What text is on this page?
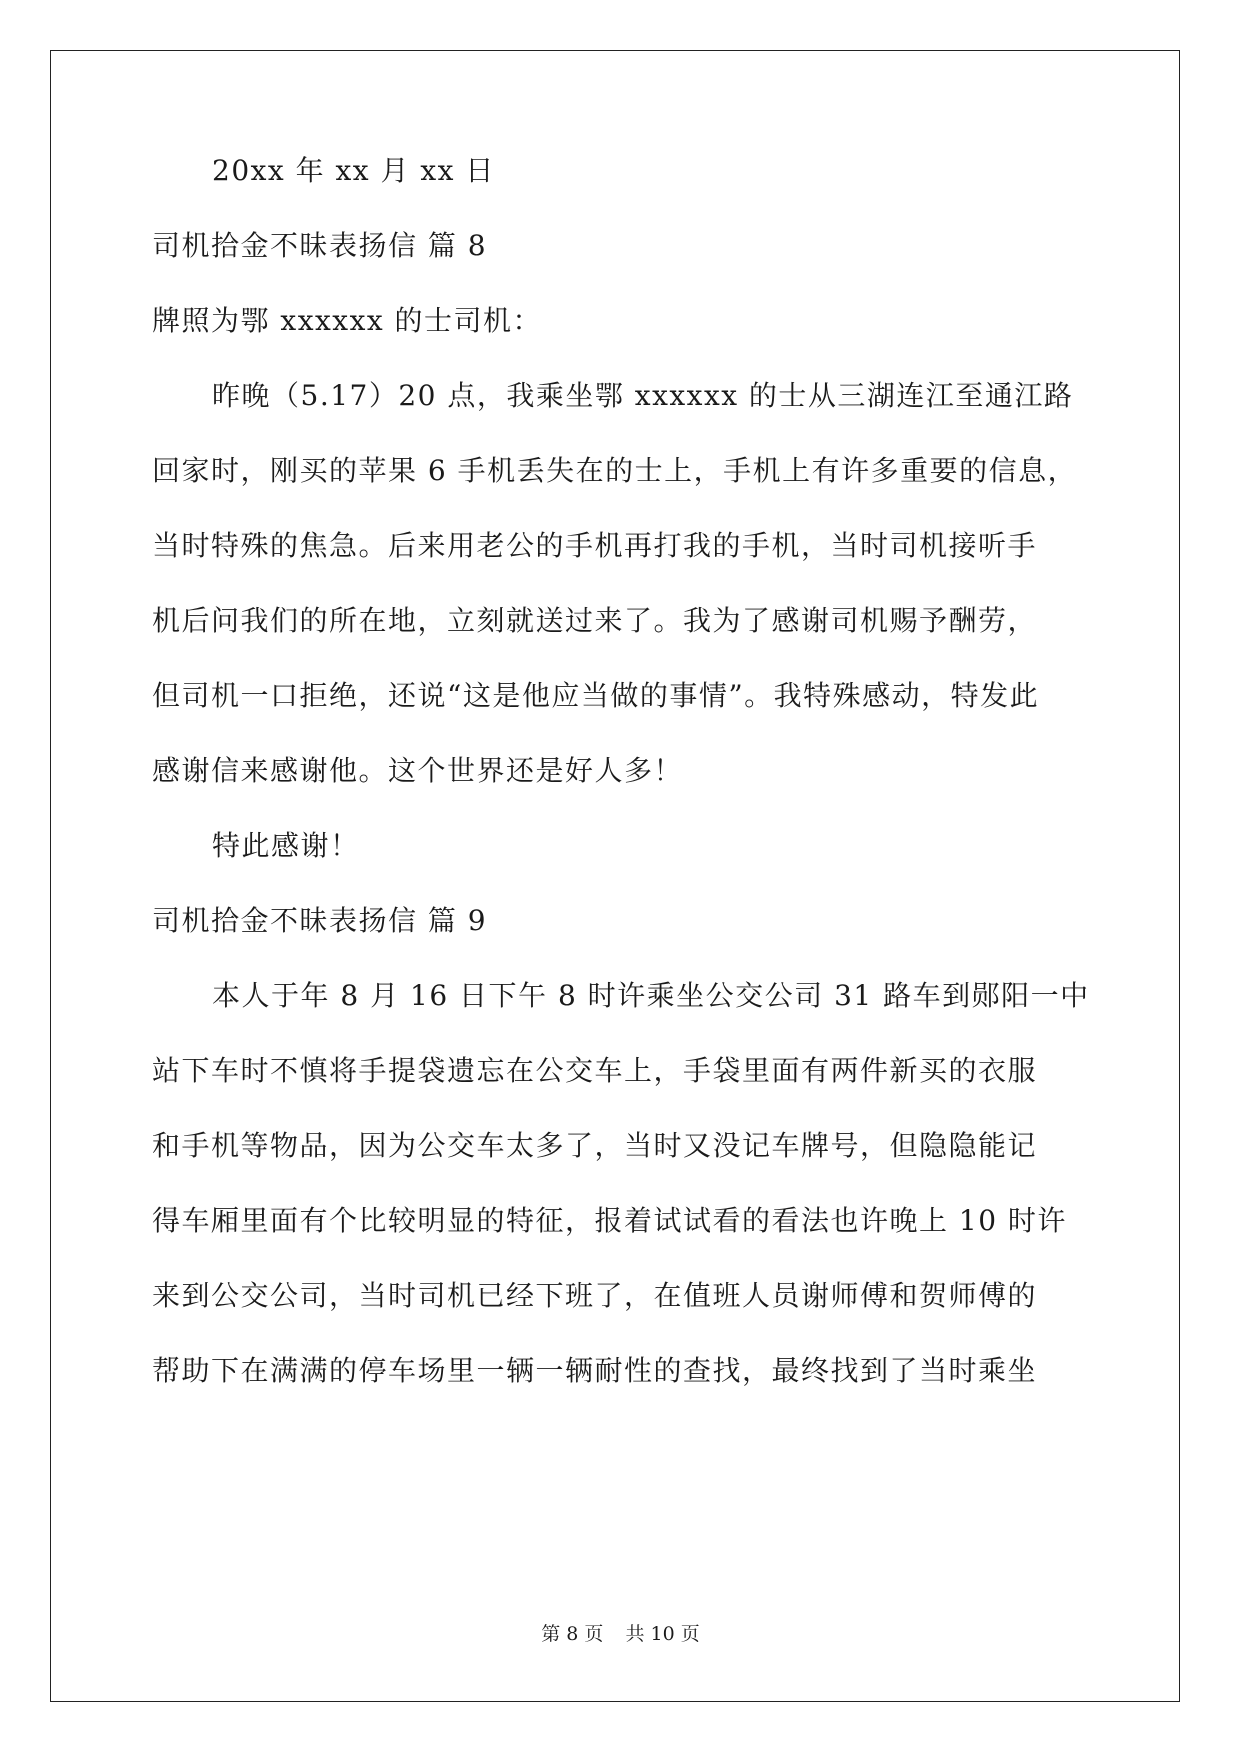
20xx 年 xx 月 xx 日

司机拾金不昧表扬信 篇 8

牌照为鄂 xxxxxx 的士司机：

昨晚（5.17）20 点，我乘坐鄂 xxxxxx 的士从三湖连江至通江路

回家时，刚买的苹果 6 手机丢失在的士上，手机上有许多重要的信息，

当时特殊的焦急。后来用老公的手机再打我的手机，当时司机接听手

机后问我们的所在地，立刻就送过来了。我为了感谢司机赐予酬劳，

但司机一口拒绝，还说“这是他应当做的事情”。我特殊感动，特发此

感谢信来感谢他。这个世界还是好人多！

特此感谢！

司机拾金不昧表扬信 篇 9

本人于年 8 月 16 日下午 8 时许乘坐公交公司 31 路车到郧阳一中

站下车时不慎将手提袋遗忘在公交车上，手袋里面有两件新买的衣服

和手机等物品，因为公交车太多了，当时又没记车牌号，但隐隐能记

得车厢里面有个比较明显的特征，报着试试看的看法也许晚上 10 时许

来到公交公司，当时司机已经下班了，在值班人员谢师傅和贺师傅的

帮助下在满满的停车场里一辆一辆耐性的查找，最终找到了当时乘坐

第 8 页 共 10 页
